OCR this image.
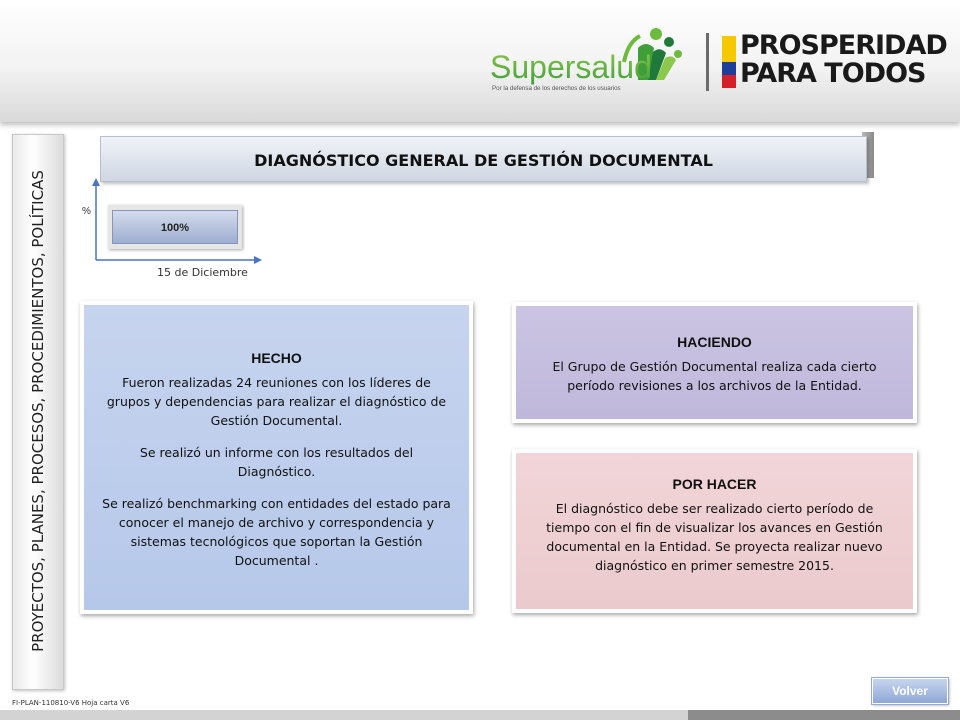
Supersalud
Por la defensa de los derechos de los usuarios
PROSPERIDAD
PARA TODOS
PROYECTOS, PLANES, PROCESOS, PROCEDIMIENTOS, POLÍTICAS
DIAGNÓSTICO GENERAL DE GESTIÓN DOCUMENTAL
%
100%
15 de Diciembre
HECHO
Fueron realizadas 24 reuniones con los líderes de grupos y dependencias para realizar el diagnóstico de Gestión Documental.
Se realizó un informe con los resultados del Diagnóstico.
Se realizó benchmarking con entidades del estado para conocer el manejo de archivo y correspondencia y sistemas tecnológicos que soportan la Gestión Documental .
HACIENDO
El Grupo de Gestión Documental realiza cada cierto período revisiones a los archivos de la Entidad.
POR HACER
El diagnóstico debe ser realizado cierto período de tiempo con el fin de visualizar los avances en Gestión documental en la Entidad. Se proyecta realizar nuevo diagnóstico en primer semestre 2015.
FI-PLAN-110810-V6 Hoja carta V6
Volver
